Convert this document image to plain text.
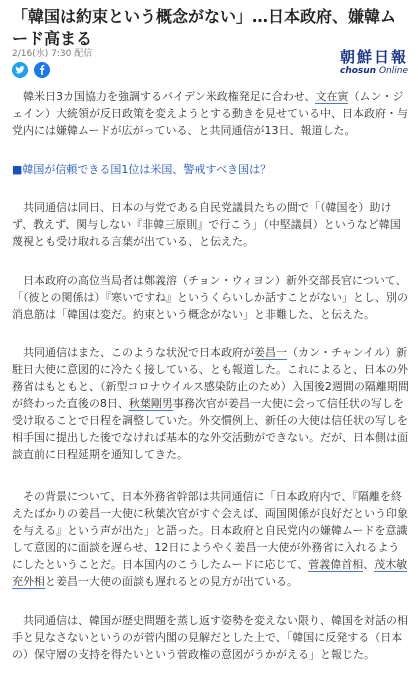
「韓国は約束という概念がない」…日本政府、嫌韓ムード高まる
2/16(水) 7:30 配信	朝鮮日報
chosun Online

韓米日3カ国協力を強調するバイデン米政権発足に合わせ、文在寅（ムン・ジェイン）大統領が反日政策を変えようとする動きを見せている中、日本政府・与党内には嫌韓ムードが広がっている、と共同通信が13日、報道した。

■韓国が信頼できる国1位は米国、警戒すべき国は？

共同通信は同日、日本の与党である自民党議員たちの間で「（韓国を）助けず、教えず、関与しない『非韓三原則』で行こう」（中堅議員）というなど韓国蔑視とも受け取れる言葉が出ている、と伝えた。

日本政府の高位当局者は鄭義溶（チョン・ウィヨン）新外交部長官について、「（彼との関係は）『寒いですね』というくらいしか話すことがない」とし、別の消息筋は「韓国は変だ。約束という概念がない」と非難した、と伝えた。

共同通信はまた、このような状況で日本政府が姜昌一（カン・チャンイル）新駐日大使に意図的に冷たく接している、とも報道した。これによると、日本の外務省はもともと、（新型コロナウイルス感染防止のため）入国後2週間の隔離期間が終わった直後の8日、秋葉剛男事務次官が姜昌一大使に会って信任状の写しを受け取ることで日程を調整していた。外交慣例上、新任の大使は信任状の写しを相手国に提出した後でなければ基本的な外交活動ができない。だが、日本側は面談直前に日程延期を通知してきた。

その背景について、日本外務省幹部は共同通信に「日本政府内で、『隔離を終えたばかりの姜昌一大使に秋葉次官がすぐ会えば、両国関係が良好だという印象を与える』という声が出た」と語った。日本政府と自民党内の嫌韓ムードを意識して意図的に面談を遅らせ、12日にようやく姜昌一大使が外務省に入れるようにしたということだ。日本国内のこうしたムードに応じて、菅義偉首相、茂木敏充外相と姜昌一大使の面談も遅れるとの見方が出ている。

共同通信は、韓国が歴史問題を蒸し返す姿勢を変えない限り、韓国を対話の相手と見なさないというのが菅内閣の見解だとした上で、「韓国に反発する（日本の）保守層の支持を得たいという菅政権の意図がうかがえる」と報じた。
